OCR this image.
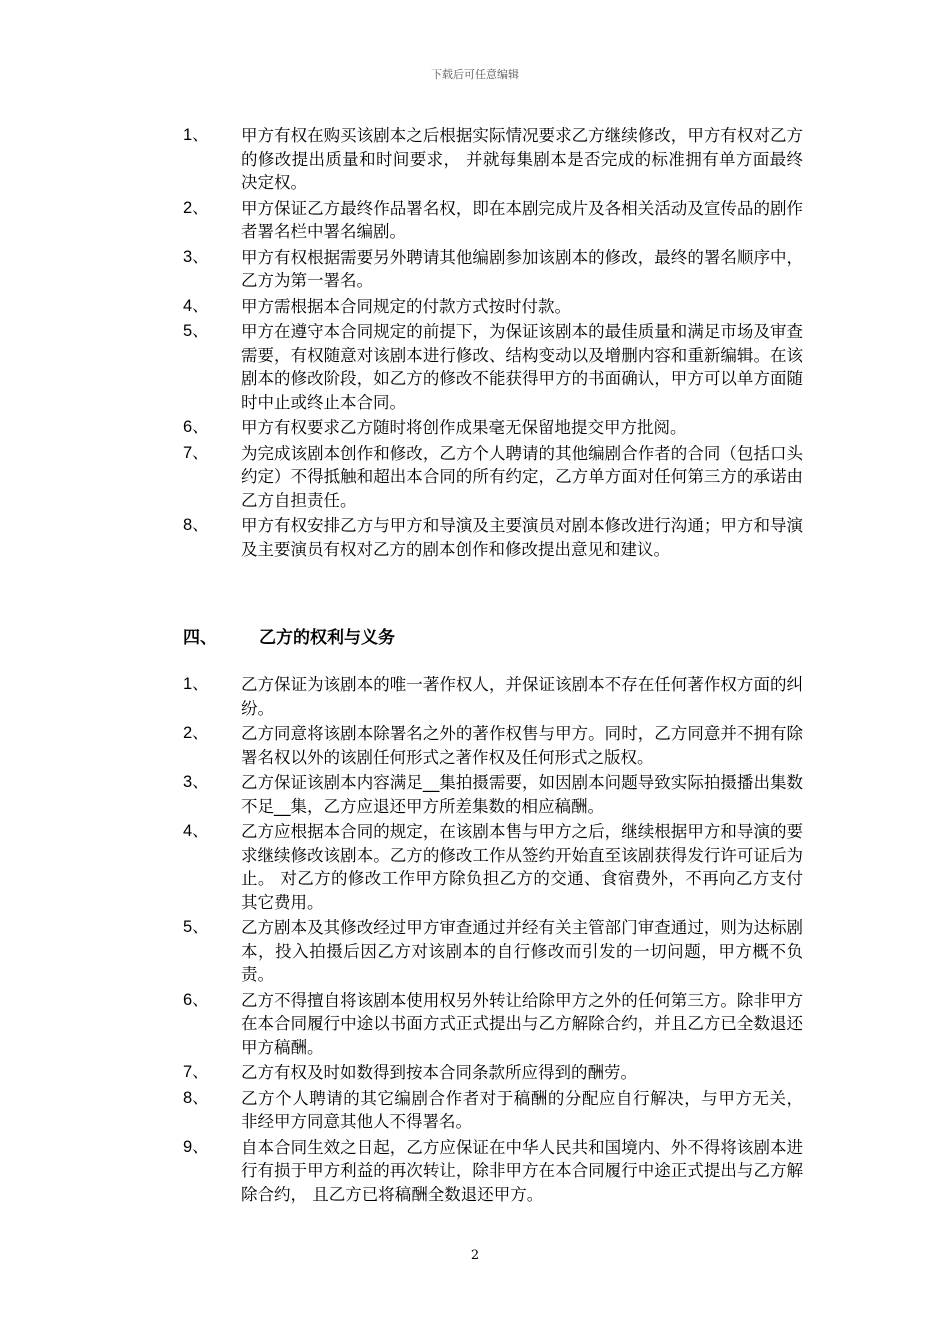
下载后可任意编辑
1、	甲方有权在购买该剧本之后根据实际情况要求乙方继续修改，甲方有权对乙方的修改提出质量和时间要求， 并就每集剧本是否完成的标准拥有单方面最终决定权。
2、	甲方保证乙方最终作品署名权，即在本剧完成片及各相关活动及宣传品的剧作者署名栏中署名编剧。
3、	甲方有权根据需要另外聘请其他编剧参加该剧本的修改，最终的署名顺序中，乙方为第一署名。
4、	甲方需根据本合同规定的付款方式按时付款。
5、	甲方在遵守本合同规定的前提下，为保证该剧本的最佳质量和满足市场及审查需要，有权随意对该剧本进行修改、结构变动以及增删内容和重新编辑。在该剧本的修改阶段，如乙方的修改不能获得甲方的书面确认，甲方可以单方面随时中止或终止本合同。
6、	甲方有权要求乙方随时将创作成果毫无保留地提交甲方批阅。
7、	为完成该剧本创作和修改，乙方个人聘请的其他编剧合作者的合同（包括口头约定）不得抵触和超出本合同的所有约定，乙方单方面对任何第三方的承诺由乙方自担责任。
8、	甲方有权安排乙方与甲方和导演及主要演员对剧本修改进行沟通；甲方和导演及主要演员有权对乙方的剧本创作和修改提出意见和建议。
四、	乙方的权利与义务
1、	乙方保证为该剧本的唯一著作权人，并保证该剧本不存在任何著作权方面的纠纷。
2、	乙方同意将该剧本除署名之外的著作权售与甲方。同时，乙方同意并不拥有除署名权以外的该剧任何形式之著作权及任何形式之版权。
3、	乙方保证该剧本内容满足__集拍摄需要，如因剧本问题导致实际拍摄播出集数不足__集，乙方应退还甲方所差集数的相应稿酬。
4、	乙方应根据本合同的规定，在该剧本售与甲方之后，继续根据甲方和导演的要求继续修改该剧本。乙方的修改工作从签约开始直至该剧获得发行许可证后为止。 对乙方的修改工作甲方除负担乙方的交通、食宿费外，不再向乙方支付其它费用。
5、	乙方剧本及其修改经过甲方审查通过并经有关主管部门审查通过，则为达标剧本，投入拍摄后因乙方对该剧本的自行修改而引发的一切问题，甲方概不负责。
6、	乙方不得擅自将该剧本使用权另外转让给除甲方之外的任何第三方。除非甲方在本合同履行中途以书面方式正式提出与乙方解除合约，并且乙方已全数退还甲方稿酬。
7、	乙方有权及时如数得到按本合同条款所应得到的酬劳。
8、	乙方个人聘请的其它编剧合作者对于稿酬的分配应自行解决，与甲方无关， 非经甲方同意其他人不得署名。
9、	自本合同生效之日起，乙方应保证在中华人民共和国境内、外不得将该剧本进行有损于甲方利益的再次转让，除非甲方在本合同履行中途正式提出与乙方解除合约， 且乙方已将稿酬全数退还甲方。
2
